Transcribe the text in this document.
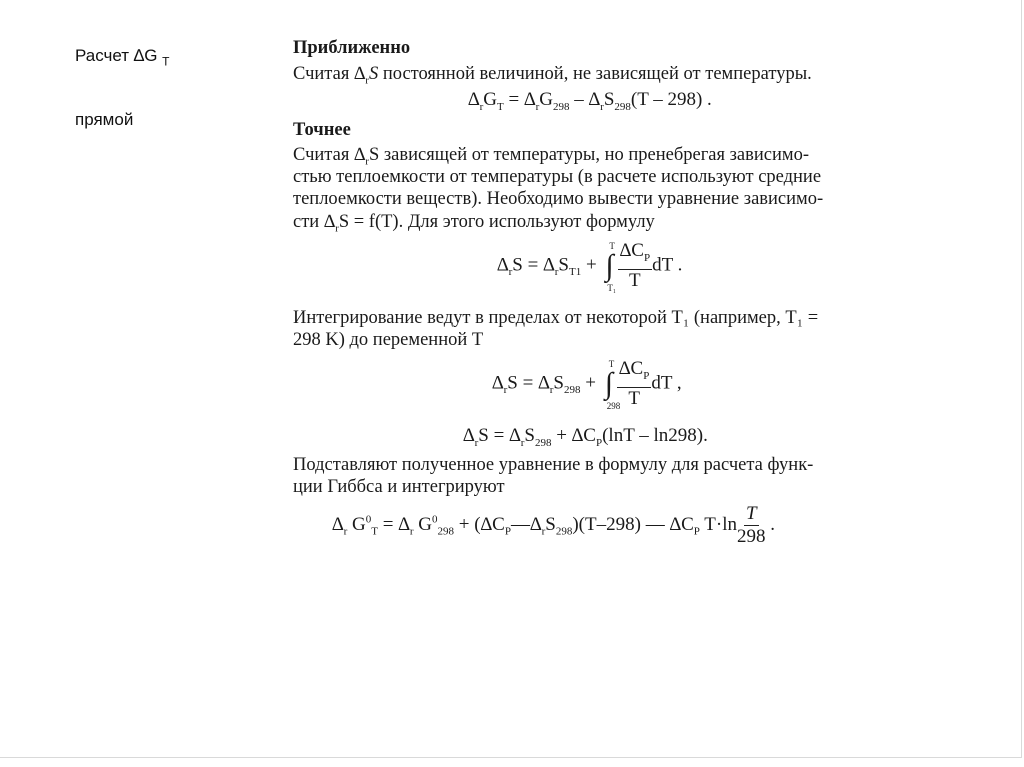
Расчет ∆G $_T$
прямой
Приближенно
Считая $\Delta_rS$ постоянной величиной, не зависящей от температуры.
$\Delta_rG_T = \Delta_rG_{298} - \Delta_rS_{298}(T - 298)$ .
Точнее
Считая $\Delta_rS$ зависящей от температуры, но пренебрегая зависимо-
стью теплоемкости от температуры (в расчете используют средние
теплоемкости веществ). Необходимо вывести уравнение зависимо-
сти $\Delta_rS = f(T)$. Для этого используют формулу
$\Delta_rS = \Delta_rS_{T1}$ + ∫
T
$T_1 \frac{\Delta C_P}{T}$ dT .
Интегрирование ведут в пределах от некоторой T₁ (например, T₁ =
298 K) до переменной T
$\Delta_rS = \Delta_rS_{298}$ + ∫
T
298
$\frac{\Delta C_P}{T}$ dT ,
$\Delta_rS = \Delta_rS_{298} + \Delta C_P(\ln T - \ln 298)$.
Подставляют полученное уравнение в формулу для расчета функ-
ции Гиббса и интегрируют
$\Delta_r$ $G^0_T = \Delta_r$ $G^0_{298}$ + $(\Delta C_P—\Delta_rS_{298})(T-298)$ — $\Delta C_P$ $T\cdot\ln \frac{T}{298}$ .
